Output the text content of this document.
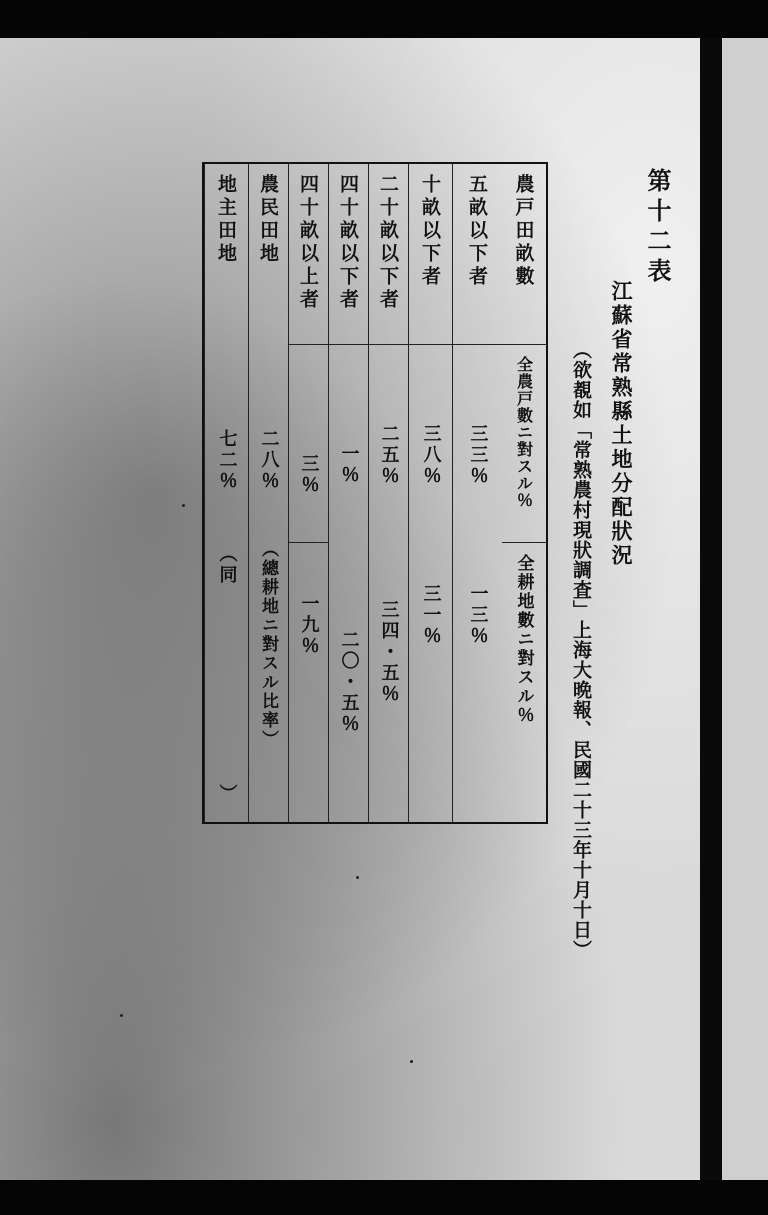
第十二表
江蘇省常熟縣土地分配狀況
（欲覩如「常熟農村現狀調査」上海大晩報、民國二十三年十月十日）
農戸田畝數
全農戸數ニ對スル％
全耕地數ニ對スル％
五畝以下者
三三％
一三％
十畝以下者
三八％
三一％
二十畝以下者
二五％
三四・五％
四十畝以下者
一％
二〇・五％
四十畝以上者
三％
一九％
農民田地
二八％
（總耕地ニ對スル比率）
地主田地
七二％
（同
）
